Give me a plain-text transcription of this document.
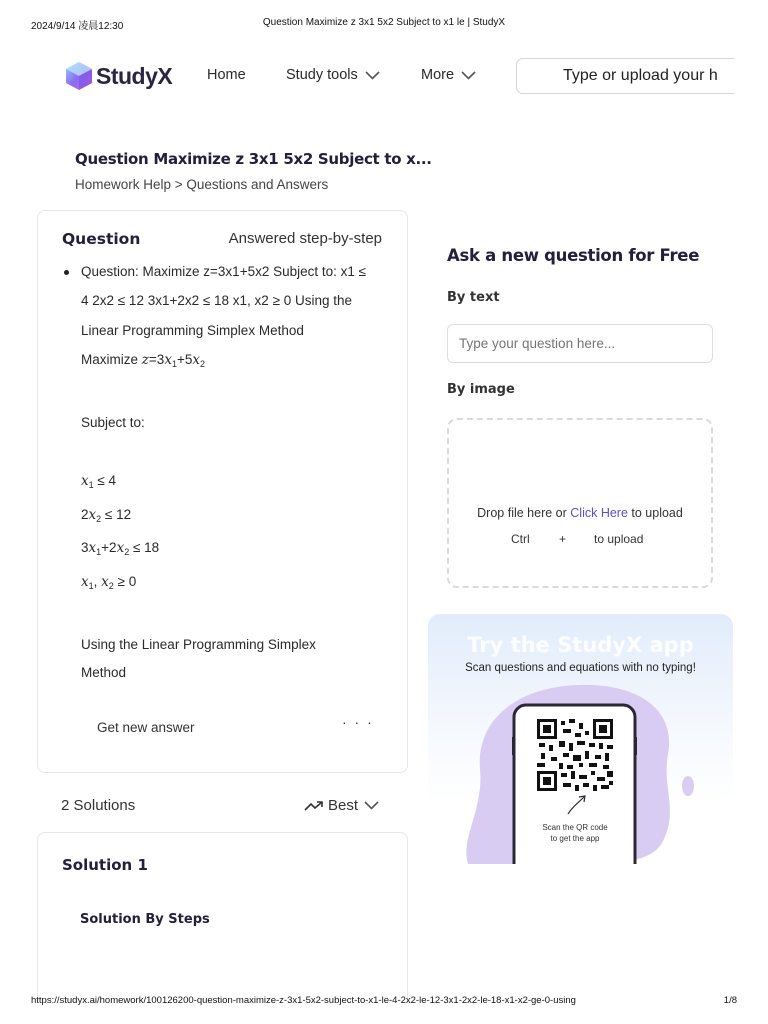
2024/9/14 凌晨12:30	Question Maximize z 3x1 5x2 Subject to x1 le | StudyX
StudyX Home	Study tools	More	Type or upload your h
Question Maximize z 3x1 5x2 Subject to x...
Homework Help > Questions and Answers
Question	Answered step-by-step
Question: Maximize z=3x1+5x2 Subject to: x1 ≤
4 2x2 ≤ 12 3x1+2x2 ≤ 18 x1, x2 ≥ 0 Using the
Linear Programming Simplex Method
Maximize $z=3x_1+5x_2$
Subject to:
$x_1 \le 4$
$2x_2 \le 12$
$3x_1+2x_2 \le 18$
$x_1$, $x_2 \ge 0$
Using the Linear Programming Simplex
Method
Get new answer	· · ·
2 Solutions	Best
Solution 1
Solution By Steps
Ask a new question for Free
By text
Type your question here...
By image
Drop file here or Click Here to upload
Ctrl + to upload
Try the StudyX app
Scan questions and equations with no typing!
Scan the QR code
to get the app
https://studyx.ai/homework/100126200-question-maximize-z-3x1-5x2-subject-to-x1-le-4-2x2-le-12-3x1-2x2-le-18-x1-x2-ge-0-using	1/8
